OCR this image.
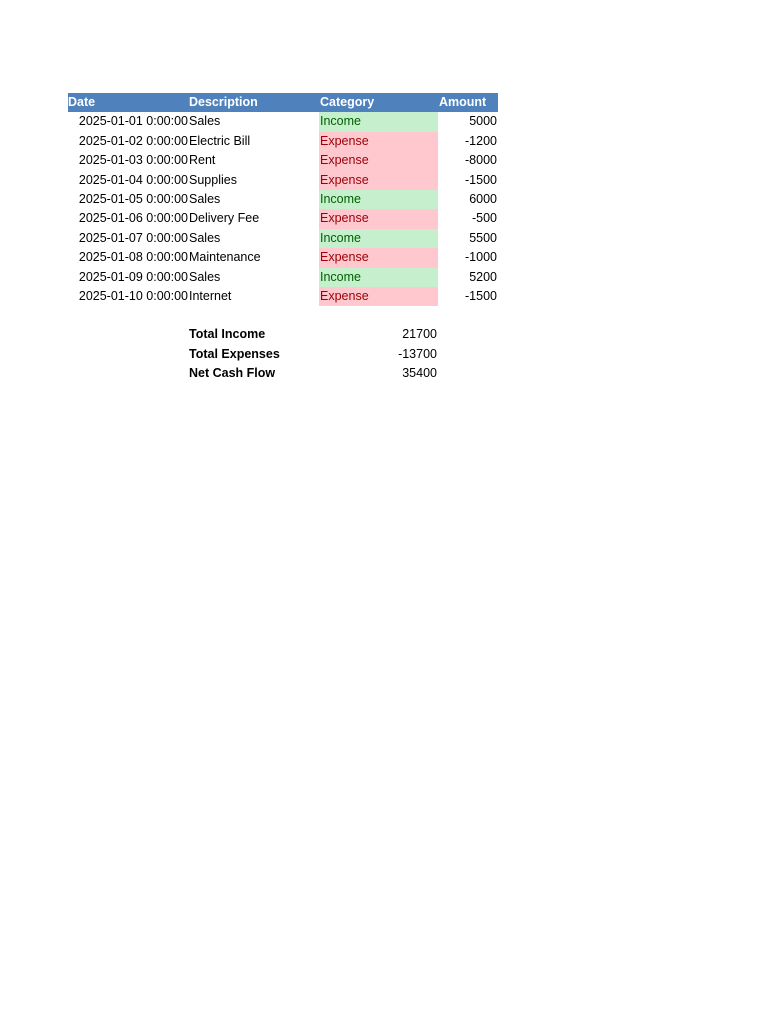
Date	Description	Category	Amount
2025-01-01 0:00:00 Sales	Income	5000
2025-01-02 0:00:00 Electric Bill	Expense	-1200
2025-01-03 0:00:00 Rent	Expense	-8000
2025-01-04 0:00:00 Supplies	Expense	-1500
2025-01-05 0:00:00 Sales	Income	6000
2025-01-06 0:00:00 Delivery Fee	Expense	-500
2025-01-07 0:00:00 Sales	Income	5500
2025-01-08 0:00:00 Maintenance	Expense	-1000
2025-01-09 0:00:00 Sales	Income	5200
2025-01-10 0:00:00 Internet	Expense	-1500
Total Income	21700
Total Expenses	-13700
Net Cash Flow	35400
